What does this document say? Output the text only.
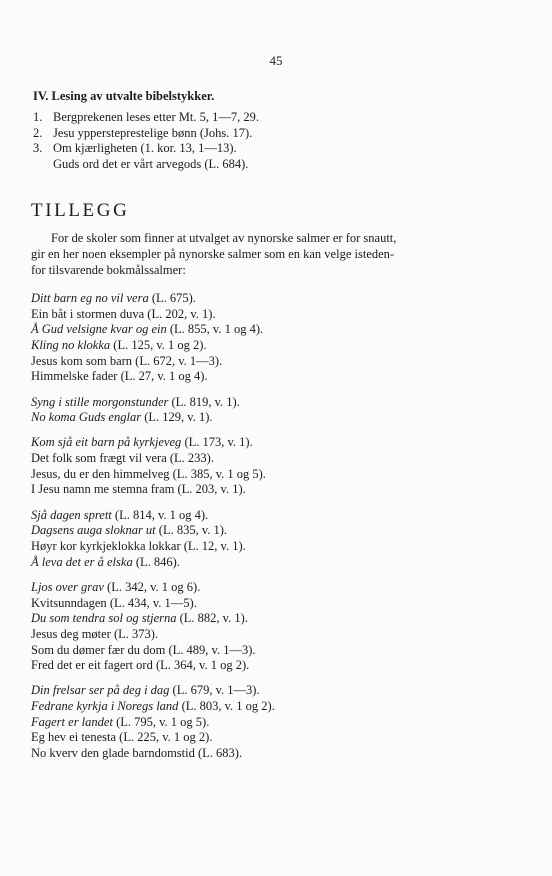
45
IV. Lesing av utvalte bibelstykker.
1. Bergprekenen leses etter Mt. 5, 1—7, 29.
2. Jesu yppersteprestelige bønn (Johs. 17).
3. Om kjærligheten (1. kor. 13, 1—13).
Guds ord det er vårt arvegods (L. 684).
TILLEGG
For de skoler som finner at utvalget av nynorske salmer er for snautt,
gir en her noen eksempler på nynorske salmer som en kan velge isteden-
for tilsvarende bokmålssalmer:
Ditt barn eg no vil vera (L. 675).
Ein båt i stormen duva (L. 202, v. 1).
Å Gud velsigne kvar og ein (L. 855, v. 1 og 4).
Kling no klokka (L. 125, v. 1 og 2).
Jesus kom som barn (L. 672, v. 1—3).
Himmelske fader (L. 27, v. 1 og 4).
Syng i stille morgonstunder (L. 819, v. 1).
No koma Guds englar (L. 129, v. 1).
Kom sjå eit barn på kyrkjeveg (L. 173, v. 1).
Det folk som frægt vil vera (L. 233).
Jesus, du er den himmelveg (L. 385, v. 1 og 5).
I Jesu namn me stemna fram (L. 203, v. 1).
Sjå dagen sprett (L. 814, v. 1 og 4).
Dagsens auga sloknar ut (L. 835, v. 1).
Høyr kor kyrkjeklokka lokkar (L. 12, v. 1).
Å leva det er å elska (L. 846).
Ljos over grav (L. 342, v. 1 og 6).
Kvitsunndagen (L. 434, v. 1—5).
Du som tendra sol og stjerna (L. 882, v. 1).
Jesus deg møter (L. 373).
Som du dømer fær du dom (L. 489, v. 1—3).
Fred det er eit fagert ord (L. 364, v. 1 og 2).
Din frelsar ser på deg i dag (L. 679, v. 1—3).
Fedrane kyrkja i Noregs land (L. 803, v. 1 og 2).
Fagert er landet (L. 795, v. 1 og 5).
Eg hev ei tenesta (L. 225, v. 1 og 2).
No kverv den glade barndomstid (L. 683).
